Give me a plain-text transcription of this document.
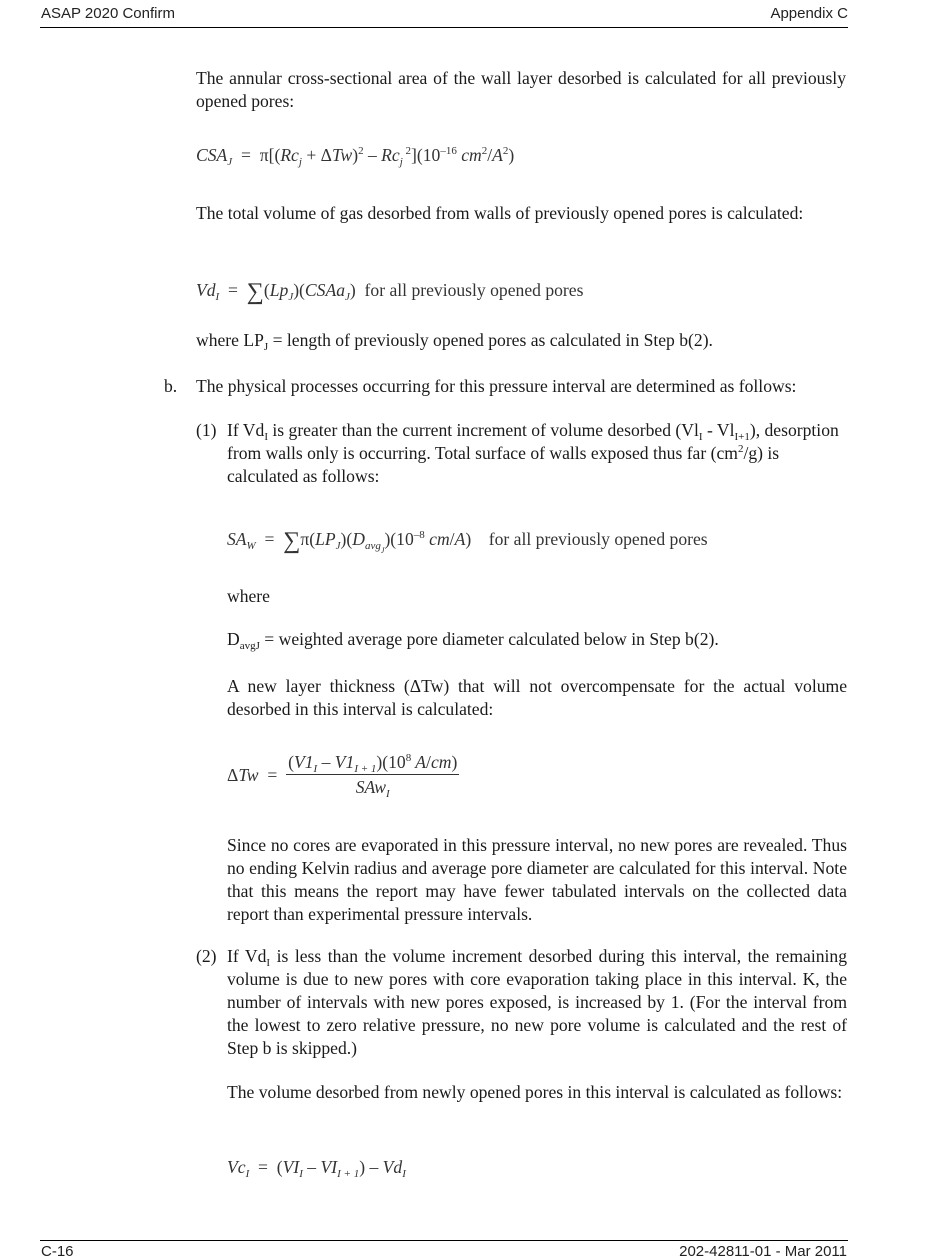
ASAP 2020 Confirm	Appendix C
The annular cross-sectional area of the wall layer desorbed is calculated for all previously opened pores:
$CSA_J = \pi[(Rc_j + \Delta Tw)^2 - Rc_j$ $^2](10^{-16}$ $cm^2/A^2$)
The total volume of gas desorbed from walls of previously opened pores is calculated:
$Vd_I$ = $\sum(Lp_J)(CSAa_J)$ for all previously opened pores
where $LP_J$ = length of previously opened pores as calculated in Step b(2).
b. The physical processes occurring for this pressure interval are determined as follows:
(1) If $Vd_I$ is greater than the current increment of volume desorbed $(Vl_I - Vl_{I+1})$, desorption from walls only is occurring. Total surface of walls exposed thus far $(cm^2/g)$ is calculated as follows:
$SA_W = \sum\pi(LP_J)(D_{avg_J})(10^{-8}$ cm/A) for all previously opened pores
where
$D_{avgJ}$ = weighted average pore diameter calculated below in Step b(2).
A new layer thickness (ΔTw) that will not overcompensate for the actual volume desorbed in this interval is calculated:
$\Delta Tw = \frac{(V1_I - V1_{I + 1})(10^8 A/cm)}{SAw_I}$
Since no cores are evaporated in this pressure interval, no new pores are revealed. Thus no ending Kelvin radius and average pore diameter are calculated for this interval. Note that this means the report may have fewer tabulated intervals on the collected data report than experimental pressure intervals.
(2) If $Vd_I$ is less than the volume increment desorbed during this interval, the remaining volume is due to new pores with core evaporation taking place in this interval. K, the number of intervals with new pores exposed, is increased by 1. (For the interval from the lowest to zero relative pressure, no new pore volume is calculated and the rest of Step b is skipped.)
The volume desorbed from newly opened pores in this interval is calculated as follows:
$Vc_I = (VI_I - VI_{I + 1}) - Vd_I$
C-16	202-42811-01 - Mar 2011
